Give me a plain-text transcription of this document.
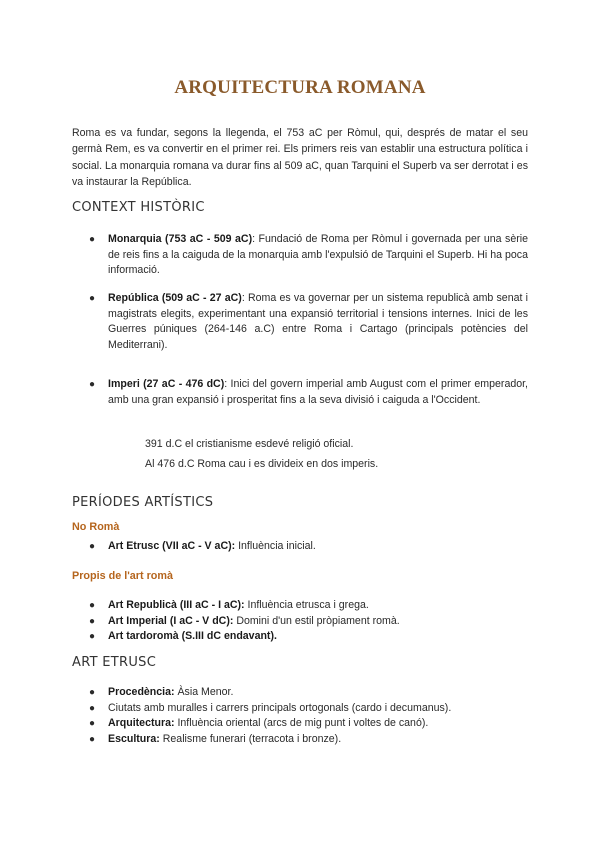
ARQUITECTURA ROMANA
Roma es va fundar, segons la llegenda, el 753 aC per Ròmul, qui, després de matar el seu germà Rem, es va convertir en el primer rei. Els primers reis van establir una estructura política i social. La monarquia romana va durar fins al 509 aC, quan Tarquini el Superb va ser derrotat i es va instaurar la República.
CONTEXT HISTÒRIC
● Monarquia (753 aC - 509 aC): Fundació de Roma per Ròmul i governada per una sèrie de reis fins a la caiguda de la monarquia amb l'expulsió de Tarquini el Superb. Hi ha poca informació.
● República (509 aC - 27 aC): Roma es va governar per un sistema republicà amb senat i magistrats elegits, experimentant una expansió territorial i tensions internes. Inici de les Guerres púniques (264-146 a.C) entre Roma i Cartago (principals potències del Mediterrani).
● Imperi (27 aC - 476 dC): Inici del govern imperial amb August com el primer emperador, amb una gran expansió i prosperitat fins a la seva divisió i caiguda a l'Occident.
391 d.C el cristianisme esdevé religió oficial.
Al 476 d.C Roma cau i es divideix en dos imperis.
PERÍODES ARTÍSTICS
No Romà
● Art Etrusc (VII aC - V aC): Influència inicial.
Propis de l'art romà
● Art Republicà (III aC - I aC): Influència etrusca i grega.
● Art Imperial (I aC - V dC): Domini d'un estil pròpiament romà.
● Art tardoromà (S.III dC endavant).
ART ETRUSC
● Procedència: Àsia Menor.
● Ciutats amb muralles i carrers principals ortogonals (cardo i decumanus).
● Arquitectura: Influència oriental (arcs de mig punt i voltes de canó).
● Escultura: Realisme funerari (terracota i bronze).
